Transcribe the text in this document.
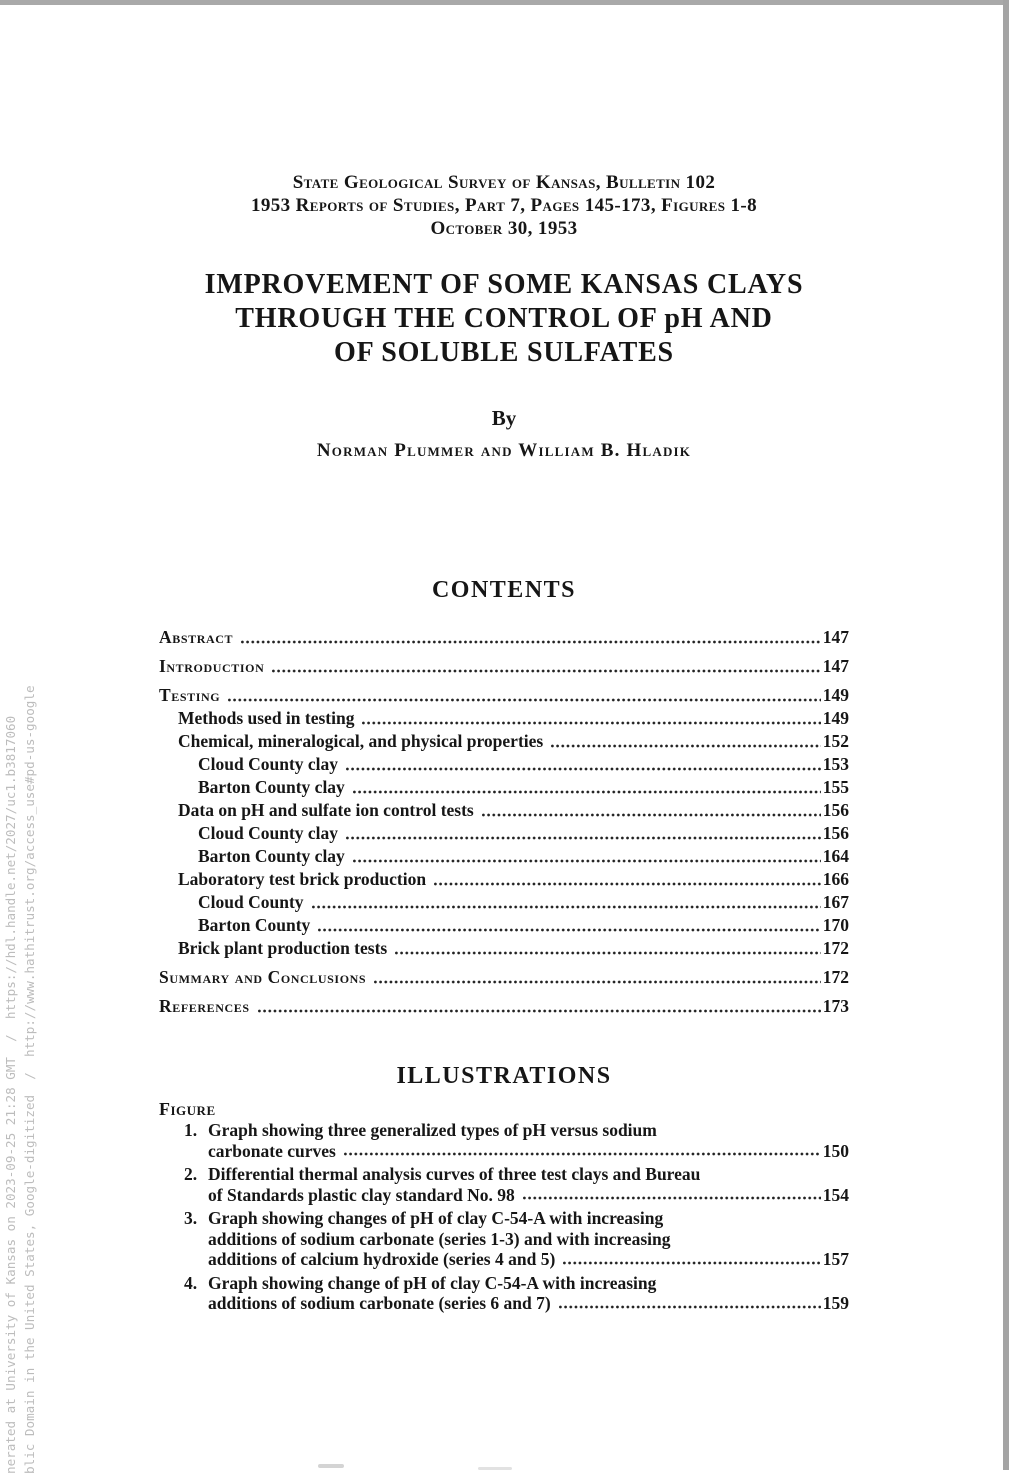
State Geological Survey of Kansas, Bulletin 102
1953 Reports of Studies, Part 7, Pages 145-173, Figures 1-8
October 30, 1953
IMPROVEMENT OF SOME KANSAS CLAYS
THROUGH THE CONTROL OF pH AND
OF SOLUBLE SULFATES
By
Norman Plummer and William B. Hladik
CONTENTS
Abstract	147
Introduction	147
Testing	149
Methods used in testing	149
Chemical, mineralogical, and physical properties	152
Cloud County clay	153
Barton County clay	155
Data on pH and sulfate ion control tests	156
Cloud County clay	156
Barton County clay	164
Laboratory test brick production	166
Cloud County	167
Barton County	170
Brick plant production tests	172
Summary and Conclusions	172
References	173
ILLUSTRATIONS
Figure
1. Graph showing three generalized types of pH versus sodium
carbonate curves	150
2. Differential thermal analysis curves of three test clays and Bureau
of Standards plastic clay standard No. 98	154
3. Graph showing changes of pH of clay C-54-A with increasing
additions of sodium carbonate (series 1-3) and with increasing
additions of calcium hydroxide (series 4 and 5)	157
4. Graph showing change of pH of clay C-54-A with increasing
additions of sodium carbonate (series 6 and 7)	159
nerated at University of Kansas on 2023-09-25 21:28 GMT  /  https://hdl.handle.net/2027/uc1.b3817060 blic Domain in the United States, Google-digitized  /  http://www.hathitrust.org/access_use#pd-us-google
